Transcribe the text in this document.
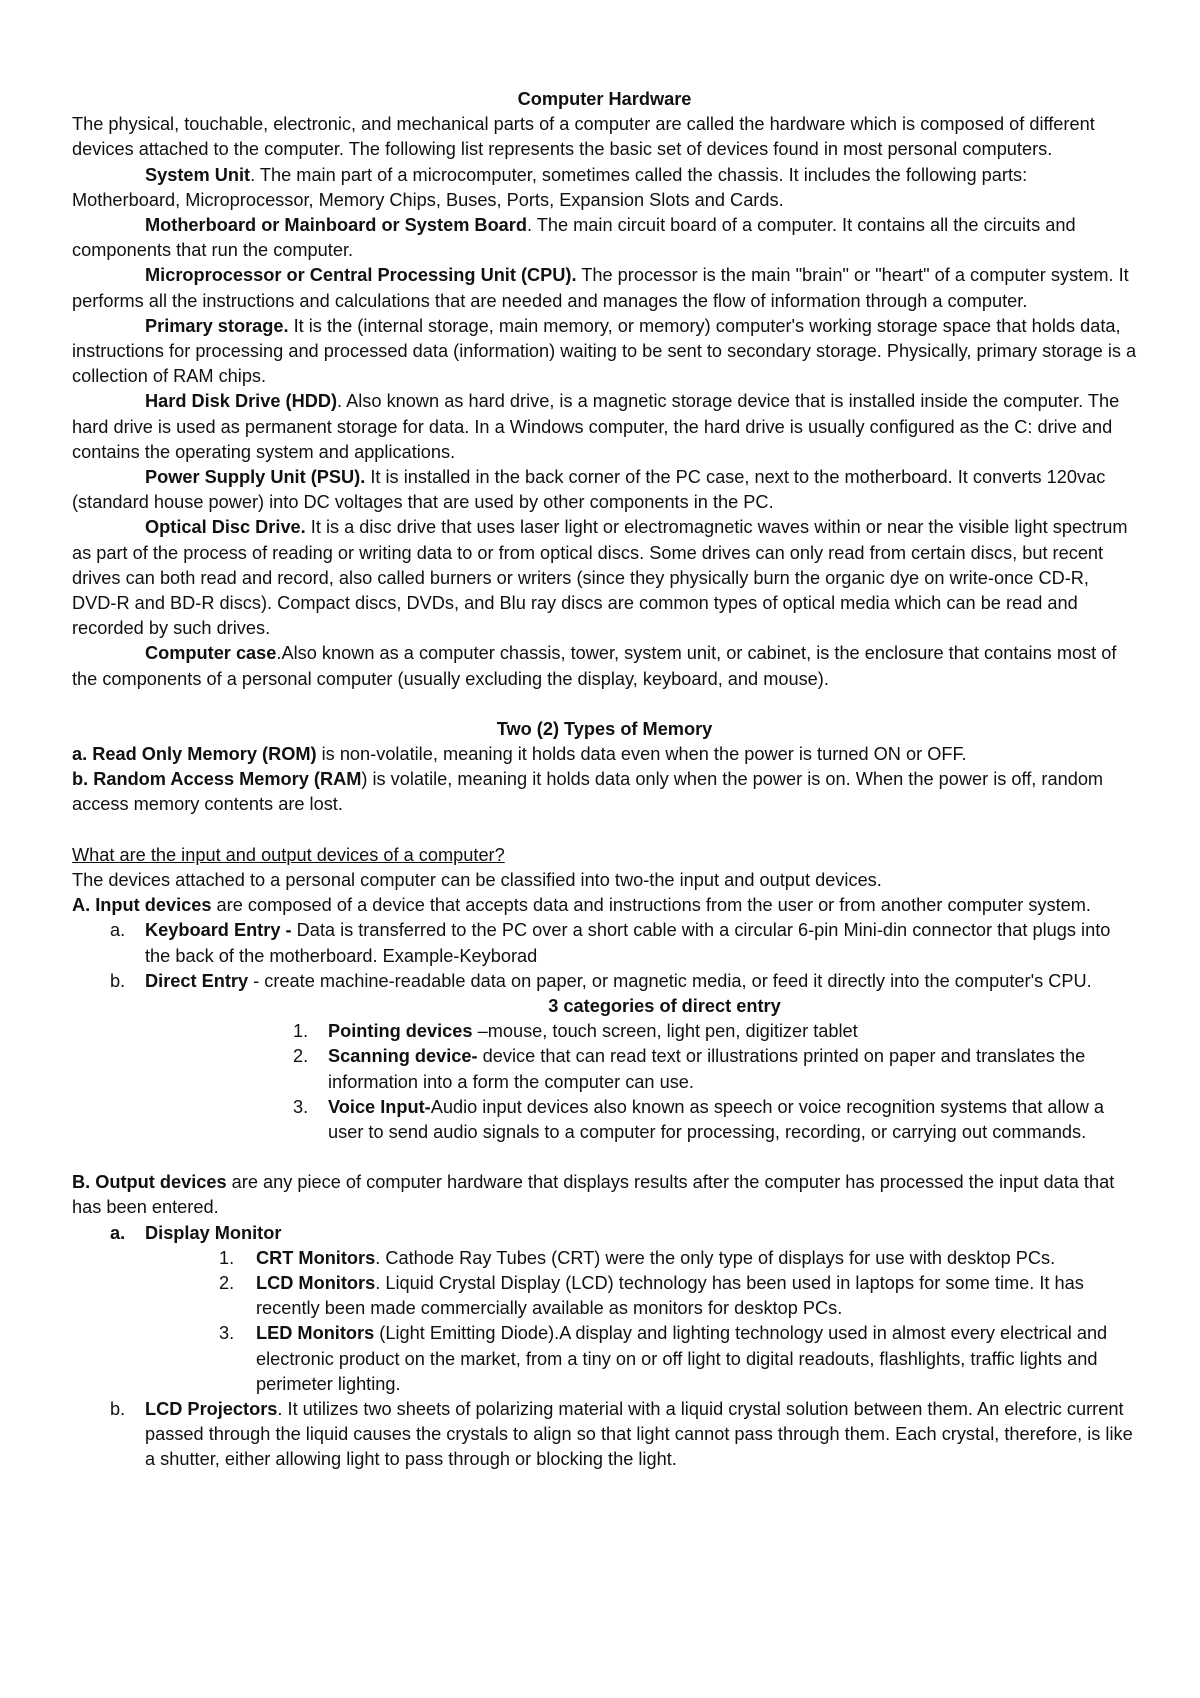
Computer Hardware
The physical, touchable, electronic, and mechanical parts of a computer are called the hardware which is composed of different devices attached to the computer. The following list represents the basic set of devices found in most personal computers.
System Unit. The main part of a microcomputer, sometimes called the chassis. It includes the following parts: Motherboard, Microprocessor, Memory Chips, Buses, Ports, Expansion Slots and Cards.
Motherboard or Mainboard or System Board. The main circuit board of a computer. It contains all the circuits and components that run the computer.
Microprocessor or Central Processing Unit (CPU). The processor is the main "brain" or "heart" of a computer system. It performs all the instructions and calculations that are needed and manages the flow of information through a computer.
Primary storage. It is the (internal storage, main memory, or memory) computer's working storage space that holds data, instructions for processing and processed data (information) waiting to be sent to secondary storage. Physically, primary storage is a collection of RAM chips.
Hard Disk Drive (HDD). Also known as hard drive, is a magnetic storage device that is installed inside the computer. The hard drive is used as permanent storage for data. In a Windows computer, the hard drive is usually configured as the C: drive and contains the operating system and applications.
Power Supply Unit (PSU). It is installed in the back corner of the PC case, next to the motherboard. It converts 120vac (standard house power) into DC voltages that are used by other components in the PC.
Optical Disc Drive. It is a disc drive that uses laser light or electromagnetic waves within or near the visible light spectrum as part of the process of reading or writing data to or from optical discs. Some drives can only read from certain discs, but recent drives can both read and record, also called burners or writers (since they physically burn the organic dye on write-once CD-R, DVD-R and BD-R discs). Compact discs, DVDs, and Blu ray discs are common types of optical media which can be read and recorded by such drives.
Computer case.Also known as a computer chassis, tower, system unit, or cabinet, is the enclosure that contains most of the components of a personal computer (usually excluding the display, keyboard, and mouse).
Two (2) Types of Memory
a. Read Only Memory (ROM) is non-volatile, meaning it holds data even when the power is turned ON or OFF.
b. Random Access Memory (RAM) is volatile, meaning it holds data only when the power is on. When the power is off, random access memory contents are lost.
What are the input and output devices of a computer?
The devices attached to a personal computer can be classified into two-the input and output devices.
A. Input devices are composed of a device that accepts data and instructions from the user or from another computer system.
a. Keyboard Entry - Data is transferred to the PC over a short cable with a circular 6-pin Mini-din connector that plugs into the back of the motherboard. Example-Keyborad
b. Direct Entry - create machine-readable data on paper, or magnetic media, or feed it directly into the computer's CPU.
3 categories of direct entry
1. Pointing devices –mouse, touch screen, light pen, digitizer tablet
2. Scanning device- device that can read text or illustrations printed on paper and translates the information into a form the computer can use.
3. Voice Input-Audio input devices also known as speech or voice recognition systems that allow a user to send audio signals to a computer for processing, recording, or carrying out commands.
B. Output devices are any piece of computer hardware that displays results after the computer has processed the input data that has been entered.
a. Display Monitor
1. CRT Monitors. Cathode Ray Tubes (CRT) were the only type of displays for use with desktop PCs.
2. LCD Monitors. Liquid Crystal Display (LCD) technology has been used in laptops for some time. It has recently been made commercially available as monitors for desktop PCs.
3. LED Monitors (Light Emitting Diode).A display and lighting technology used in almost every electrical and electronic product on the market, from a tiny on or off light to digital readouts, flashlights, traffic lights and perimeter lighting.
b. LCD Projectors. It utilizes two sheets of polarizing material with a liquid crystal solution between them. An electric current passed through the liquid causes the crystals to align so that light cannot pass through them. Each crystal, therefore, is like a shutter, either allowing light to pass through or blocking the light.
